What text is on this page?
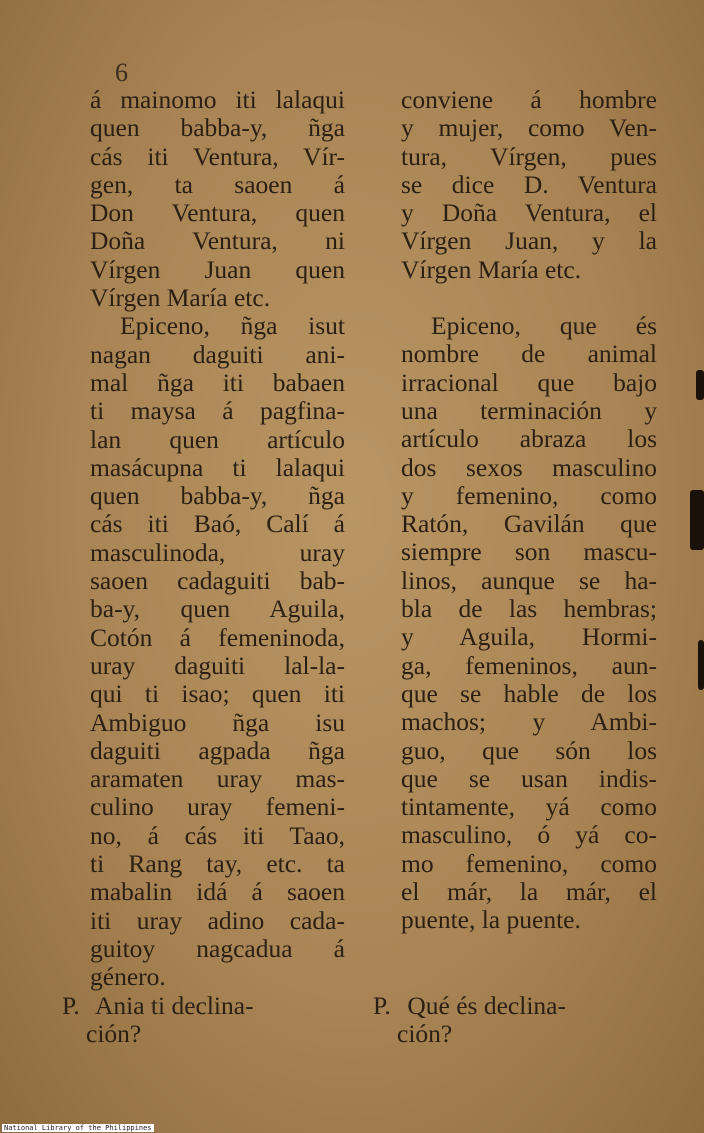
6
á mainomo iti lalaqui
quen babba-y, ñga
cás iti Ventura, Vír-
gen, ta saoen á
Don Ventura, quen
Doña Ventura, ni
Vírgen Juan quen
Vírgen María etc.
Epiceno, ñga isut
nagan daguiti ani-
mal ñga iti babaen
ti maysa á pagfina-
lan quen artículo
masácupna ti lalaqui
quen babba-y, ñga
cás iti Baó, Calí á
masculinoda, uray
saoen cadaguiti bab-
ba-y, quen Aguila,
Cotón á femeninoda,
uray daguiti lal-la-
qui ti isao; quen iti
Ambiguo ñga isu
daguiti agpada ñga
aramaten uray mas-
culino uray femeni-
no, á cás iti Taao,
ti Rang tay, etc. ta
mabalin idá á saoen
iti uray adino cada-
guitoy nagcadua á
género.
conviene á hombre
y mujer, como Ven-
tura, Vírgen, pues
se dice D. Ventura
y Doña Ventura, el
Vírgen Juan, y la
Vírgen María etc.
Epiceno, que és
nombre de animal
irracional que bajo
una terminación y
artículo abraza los
dos sexos masculino
y femenino, como
Ratón, Gavilán que
siempre son mascu-
linos, aunque se ha-
bla de las hembras;
y Aguila, Hormi-
ga, femeninos, aun-
que se hable de los
machos; y Ambi-
guo, que són los
que se usan indis-
tintamente, yá como
masculino, ó yá co-
mo femenino, como
el már, la már, el
puente, la puente.
P. Ania ti declina-
ción?
P. Qué és declina-
ción?
National Library of the Philippines
